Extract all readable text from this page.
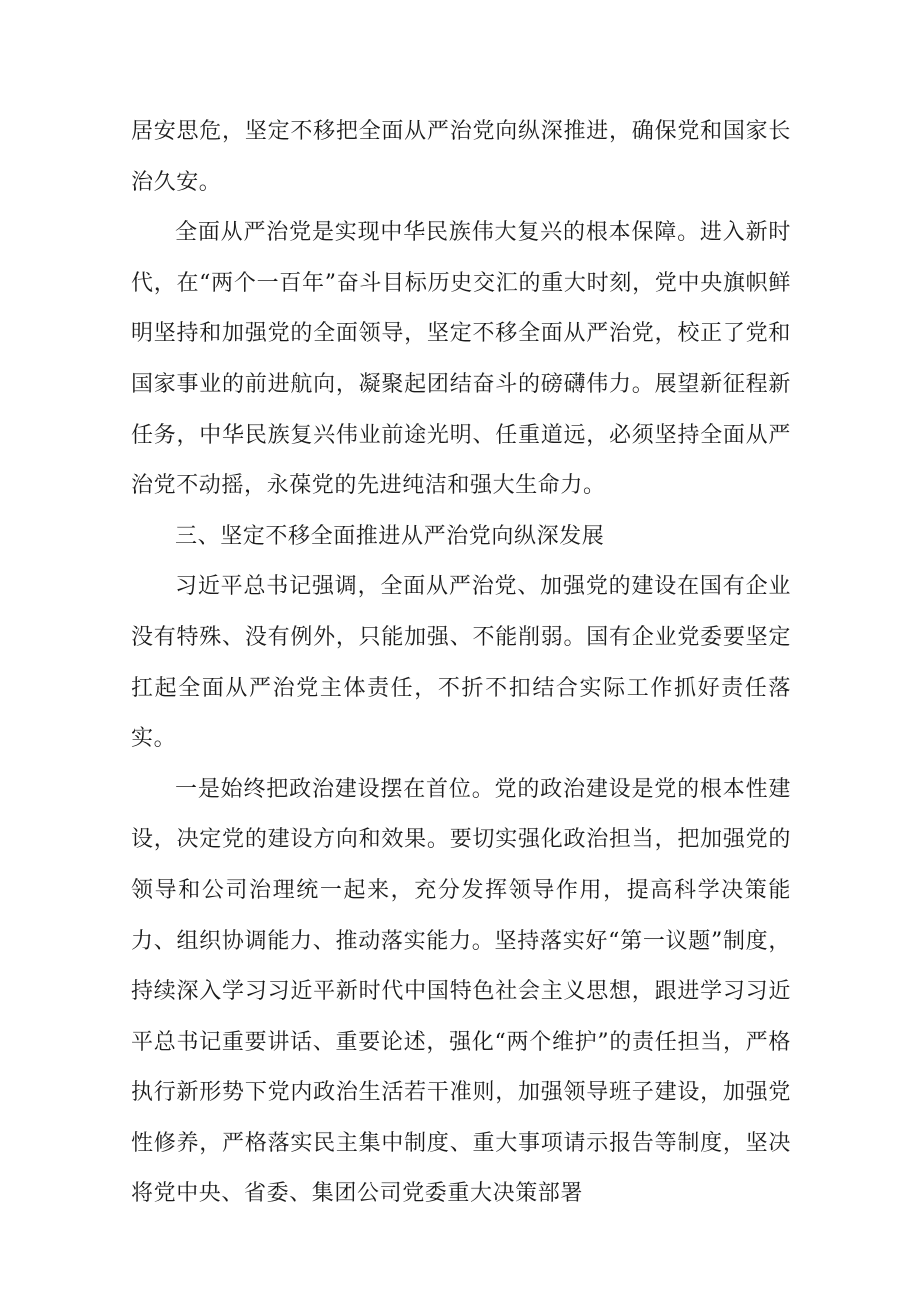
居安思危，坚定不移把全面从严治党向纵深推进，确保党和国家长治久安。

全面从严治党是实现中华民族伟大复兴的根本保障。进入新时代，在“两个一百年”奋斗目标历史交汇的重大时刻，党中央旗帜鲜明坚持和加强党的全面领导，坚定不移全面从严治党，校正了党和国家事业的前进航向，凝聚起团结奋斗的磅礴伟力。展望新征程新任务，中华民族复兴伟业前途光明、任重道远，必须坚持全面从严治党不动摇，永葆党的先进纯洁和强大生命力。

三、坚定不移全面推进从严治党向纵深发展

习近平总书记强调，全面从严治党、加强党的建设在国有企业没有特殊、没有例外，只能加强、不能削弱。国有企业党委要坚定扛起全面从严治党主体责任，不折不扣结合实际工作抓好责任落实。

一是始终把政治建设摆在首位。党的政治建设是党的根本性建设，决定党的建设方向和效果。要切实强化政治担当，把加强党的领导和公司治理统一起来，充分发挥领导作用，提高科学决策能力、组织协调能力、推动落实能力。坚持落实好“第一议题”制度，持续深入学习习近平新时代中国特色社会主义思想，跟进学习习近平总书记重要讲话、重要论述，强化“两个维护”的责任担当，严格执行新形势下党内政治生活若干准则，加强领导班子建设，加强党性修养，严格落实民主集中制度、重大事项请示报告等制度，坚决将党中央、省委、集团公司党委重大决策部署
